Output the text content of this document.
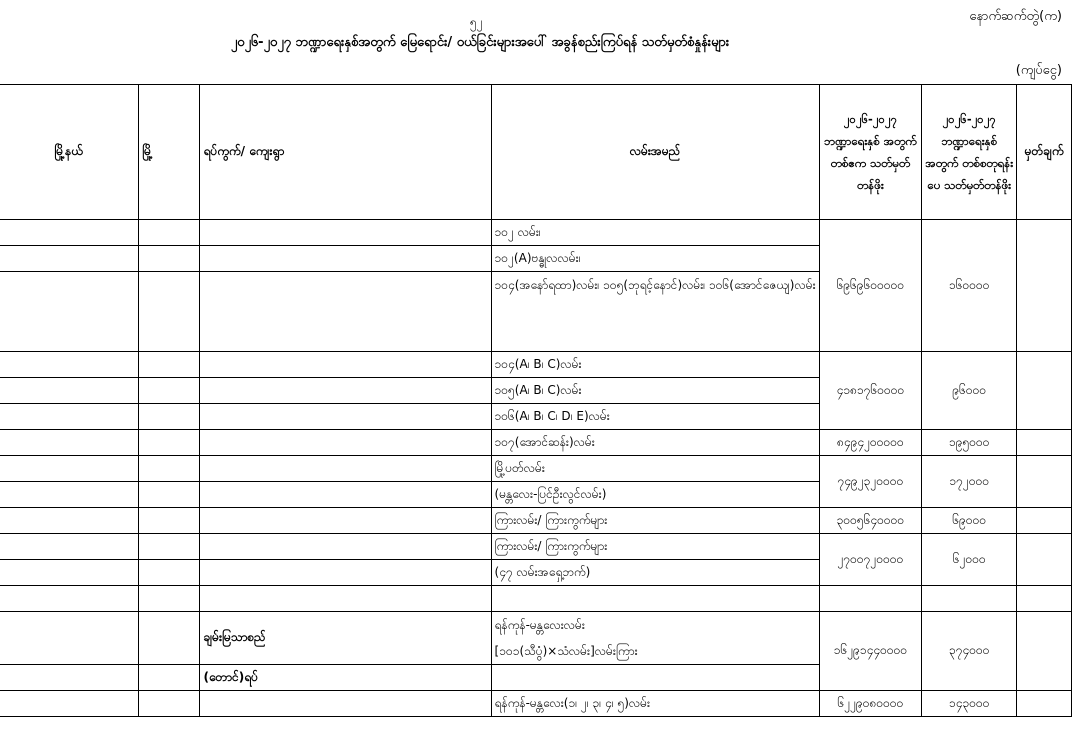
၅၂	နောက်ဆက်တွဲ(က)
၂၀၂၆-၂၀၂၇ ဘဏ္ဍာရေးနှစ်အတွက် မြေရောင်း/ ဝယ်ခြင်းများအပေါ် အခွန်စည်းကြပ်ရန် သတ်မှတ်စံနှုန်းများ
(ကျပ်ငွေ)
မြို့နယ်	မြို့	ရပ်ကွက်/ ကျေးရွာ	လမ်းအမည်	၂၀၂၆-၂၀၂၇ ဘဏ္ဍာရေးနှစ် အတွက် တစ်ဧက သတ်မှတ်တန်ဖိုး	၂၀၂၆-၂၀၂၇ ဘဏ္ဍာရေးနှစ် အတွက် တစ်စတုရန်းပေ သတ်မှတ်တန်ဖိုး	မှတ်ချက်
			၁၀၂ လမ်း၊	၆၉၆၉၆၀၀၀၀၀	၁၆၀၀၀၀	
			၁၀၂(A)ဗန္ဓုလလမ်း၊			
			၁၀၄(အနော်ရထာ)လမ်း၊ ၁၀၅(ဘုရင့်နောင်)လမ်း၊ ၁၀၆(အောင်ဇေယျ)လမ်း			
			၁၀၄(A၊ B၊ C)လမ်း	၄၁၈၁၇၆၀၀၀၀	၉၆၀၀၀	
			၁၀၅(A၊ B၊ C)လမ်း			
			၁၀၆(A၊ B၊ C၊ D၊ E)လမ်း			
			၁၀၇(အောင်ဆန်း)လမ်း	၈၄၉၄၂၀၀၀၀၀	၁၉၅၀၀၀	
			မြို့ပတ်လမ်း	၇၄၉၂၃၂၀၀၀၀	၁၇၂၀၀၀	
			(မန္တလေး-ပြင်ဦးလွင်လမ်း)			
			ကြားလမ်း/ ကြားကွက်များ	၃၀၀၅၆၄၀၀၀၀	၆၉၀၀၀	
			ကြားလမ်း/ ကြားကွက်များ	၂၇၀၀၇၂၀၀၀၀	၆၂၀၀၀	
			(၄၇ လမ်းအရှေ့ဘက်)			

		ချမ်းမြသာစည်	ရန်ကုန်-မန္တလေးလမ်း
[၁၀၁(သီပွံ)×သံလမ်း]လမ်းကြား	၁၆၂၉၁၄၄၀၀၀၀	၃၇၄၀၀၀	
		(တောင်)ရပ်				
			ရန်ကုန်-မန္တလေး(၁၊ ၂၊ ၃၊ ၄၊ ၅)လမ်း	၆၂၂၉၀၈၀၀၀၀	၁၄၃၀၀၀	
